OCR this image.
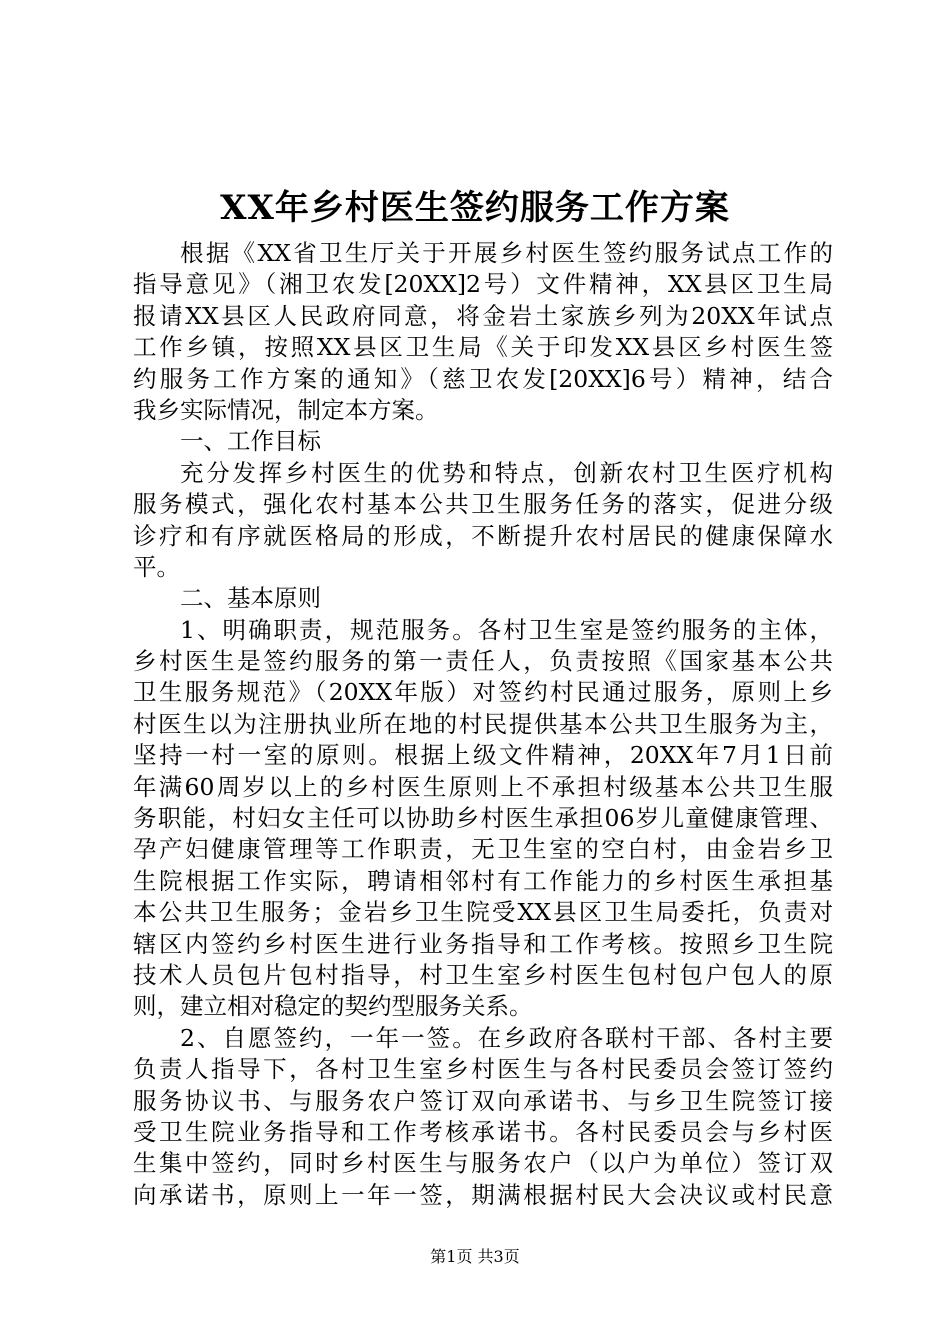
XX年乡村医生签约服务工作方案
根据《XX省卫生厅关于开展乡村医生签约服务试点工作的
指导意见》（湘卫农发[20XX]2号）文件精神，XX县区卫生局
报请XX县区人民政府同意，将金岩土家族乡列为20XX年试点
工作乡镇，按照XX县区卫生局《关于印发XX县区乡村医生签
约服务工作方案的通知》（慈卫农发[20XX]6号）精神，结合
我乡实际情况，制定本方案。
一、工作目标
充分发挥乡村医生的优势和特点，创新农村卫生医疗机构
服务模式，强化农村基本公共卫生服务任务的落实，促进分级
诊疗和有序就医格局的形成，不断提升农村居民的健康保障水
平。
二、基本原则
1、明确职责，规范服务。各村卫生室是签约服务的主体，
乡村医生是签约服务的第一责任人，负责按照《国家基本公共
卫生服务规范》（20XX年版）对签约村民通过服务，原则上乡
村医生以为注册执业所在地的村民提供基本公共卫生服务为主，
坚持一村一室的原则。根据上级文件精神，20XX年7月1日前
年满60周岁以上的乡村医生原则上不承担村级基本公共卫生服
务职能，村妇女主任可以协助乡村医生承担06岁儿童健康管理、
孕产妇健康管理等工作职责，无卫生室的空白村，由金岩乡卫
生院根据工作实际，聘请相邻村有工作能力的乡村医生承担基
本公共卫生服务；金岩乡卫生院受XX县区卫生局委托，负责对
辖区内签约乡村医生进行业务指导和工作考核。按照乡卫生院
技术人员包片包村指导，村卫生室乡村医生包村包户包人的原
则，建立相对稳定的契约型服务关系。
2、自愿签约，一年一签。在乡政府各联村干部、各村主要
负责人指导下，各村卫生室乡村医生与各村民委员会签订签约
服务协议书、与服务农户签订双向承诺书、与乡卫生院签订接
受卫生院业务指导和工作考核承诺书。各村民委员会与乡村医
生集中签约，同时乡村医生与服务农户（以户为单位）签订双
向承诺书，原则上一年一签，期满根据村民大会决议或村民意
第1页 共3页
